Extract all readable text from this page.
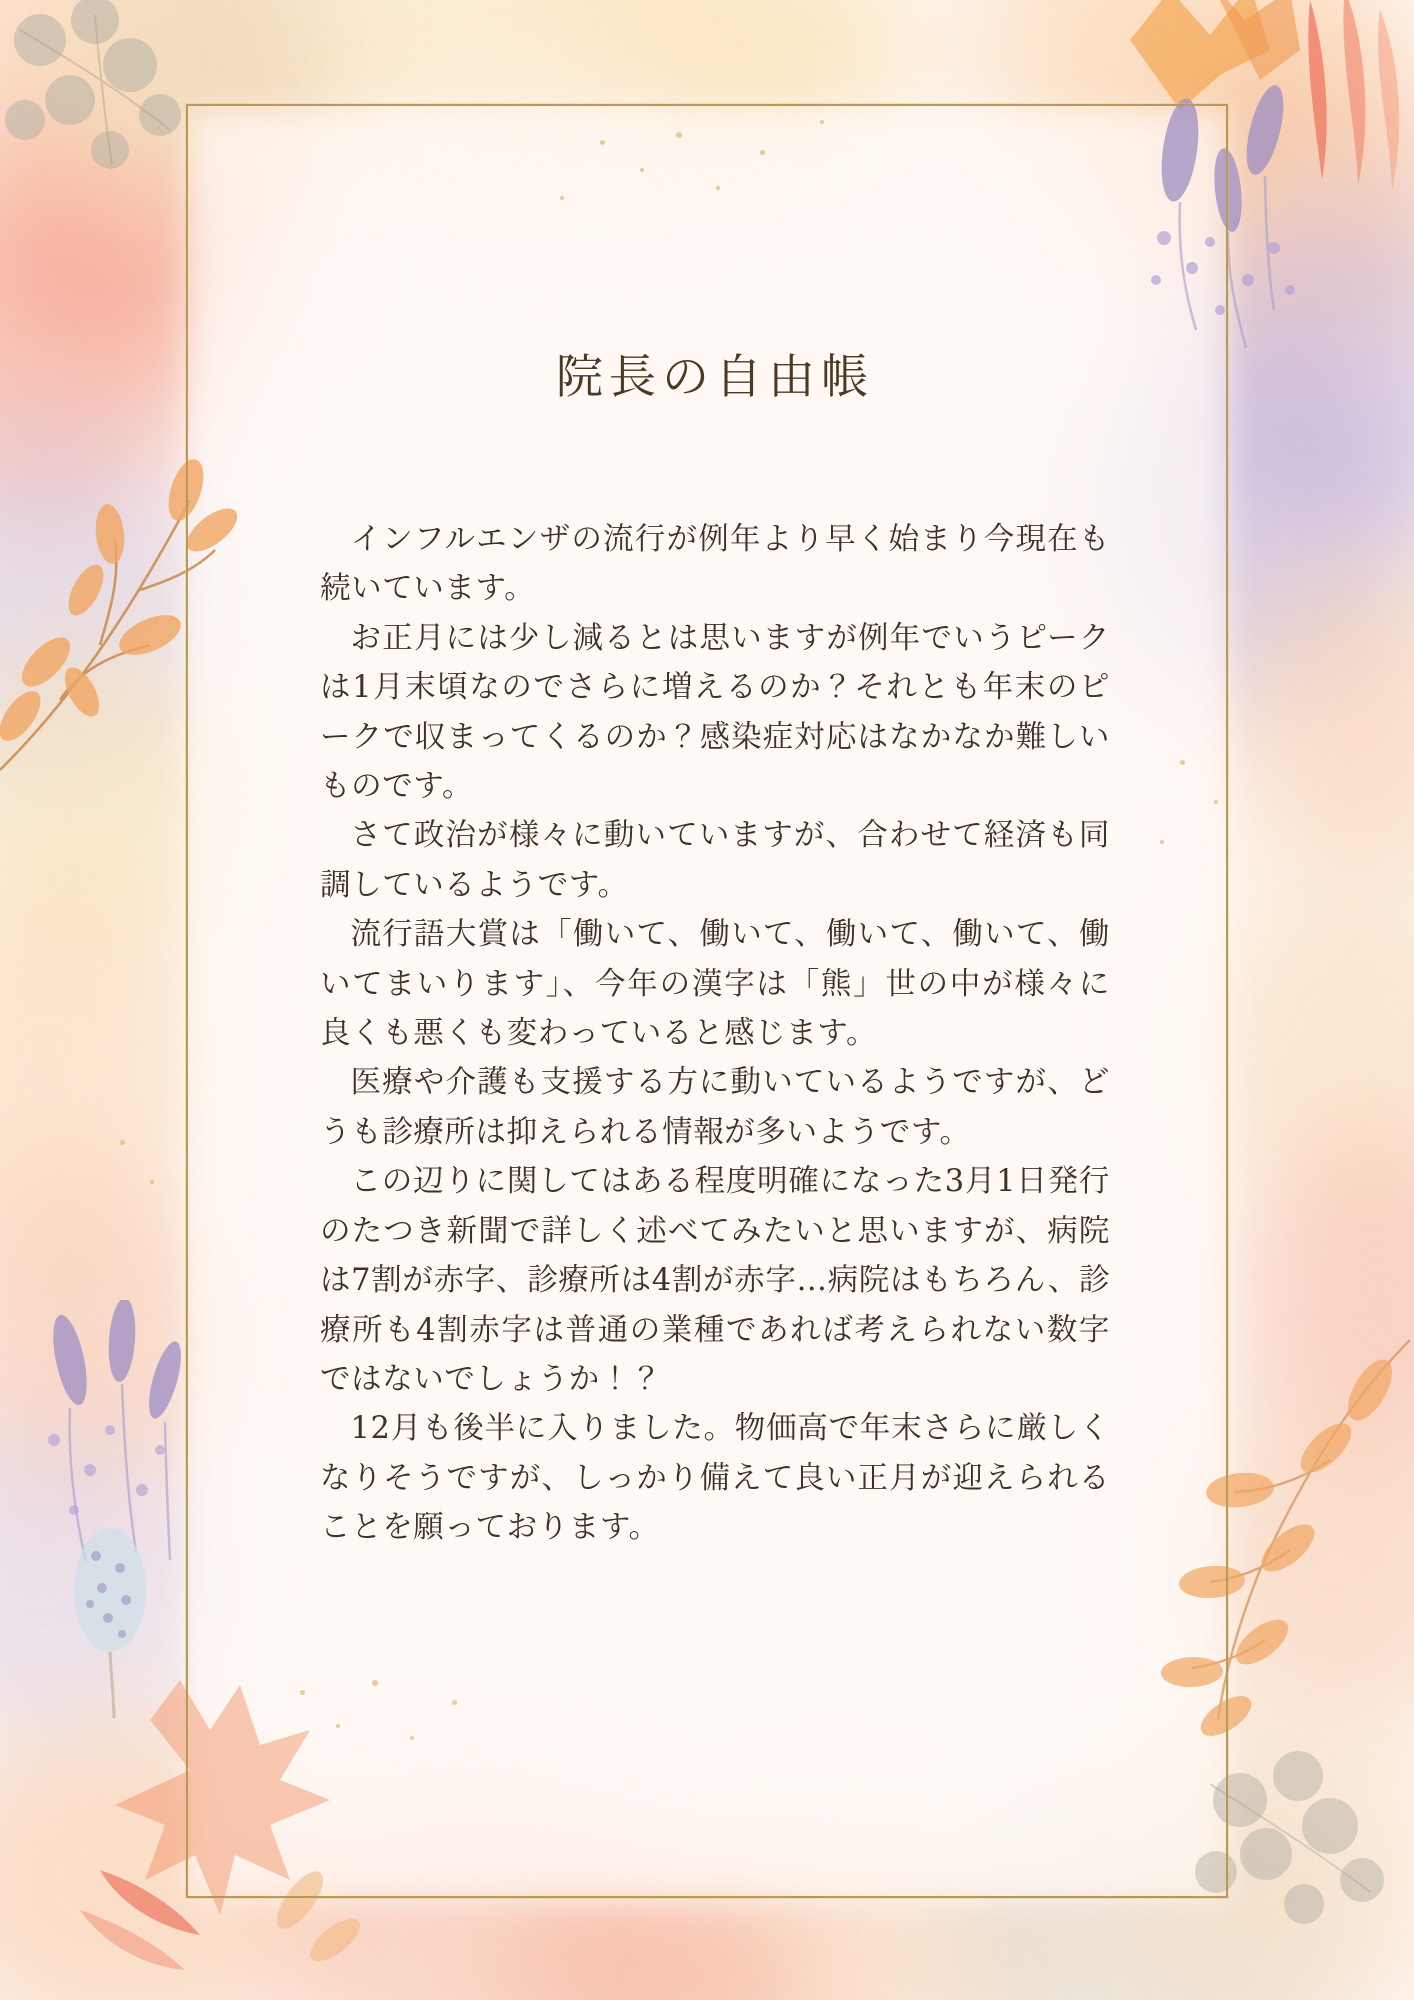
院長の自由帳

インフルエンザの流行が例年より早く始まり今現在も続いています。

お正月には少し減るとは思いますが例年でいうピークは1月末頃なのでさらに増えるのか？それとも年末のピークで収まってくるのか？感染症対応はなかなか難しいものです。

さて政治が様々に動いていますが、合わせて経済も同調しているようです。

流行語大賞は「働いて、働いて、働いて、働いて、働いてまいります」、今年の漢字は「熊」世の中が様々に良くも悪くも変わっていると感じます。

医療や介護も支援する方に動いているようですが、どうも診療所は抑えられる情報が多いようです。

この辺りに関してはある程度明確になった3月1日発行のたつき新聞で詳しく述べてみたいと思いますが、病院は7割が赤字、診療所は4割が赤字…病院はもちろん、診療所も4割赤字は普通の業種であれば考えられない数字ではないでしょうか！？

12月も後半に入りました。物価高で年末さらに厳しくなりそうですが、しっかり備えて良い正月が迎えられることを願っております。
